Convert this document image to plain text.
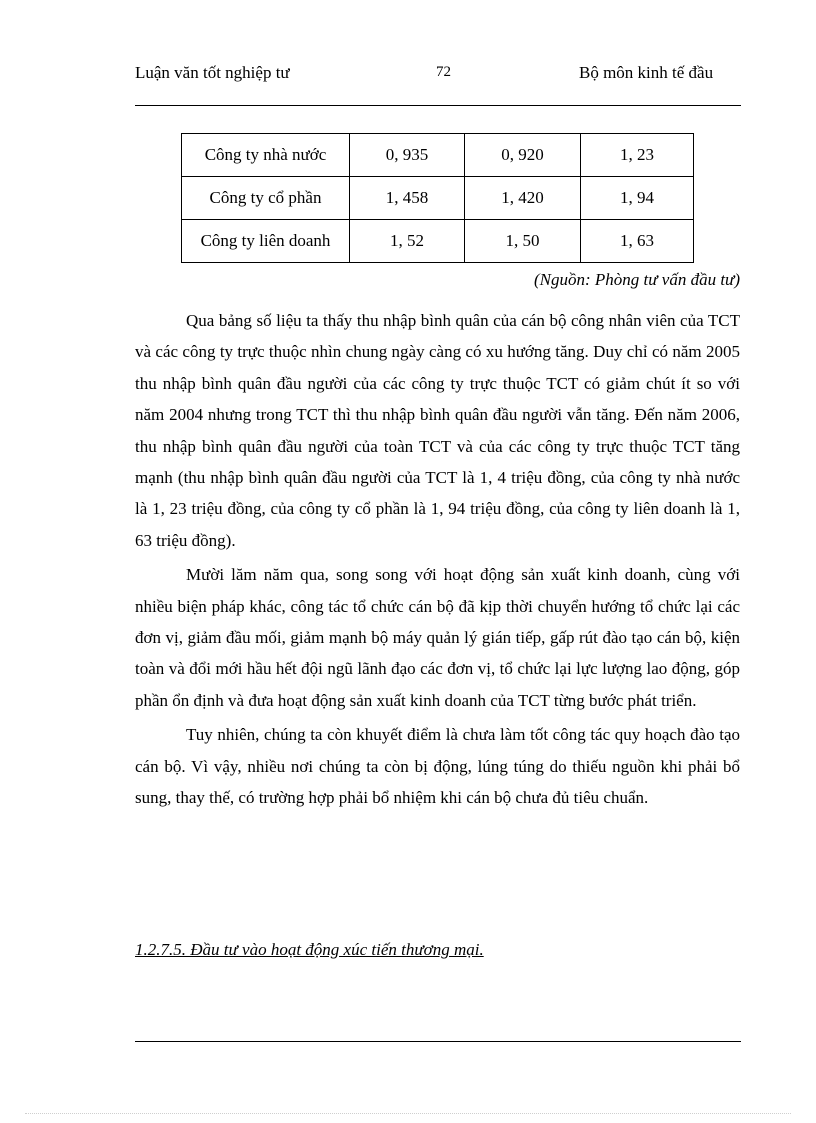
Luận văn tốt nghiệp tư	72	Bộ môn kinh tế đầu
Công ty nhà nước	0, 935	0, 920	1, 23
Công ty cổ phần	1, 458	1, 420	1, 94
Công ty liên doanh	1, 52	1, 50	1, 63
(Nguồn: Phòng tư vấn đầu tư)

Qua bảng số liệu ta thấy thu nhập bình quân của cán bộ công nhân viên của TCT và các công ty trực thuộc nhìn chung ngày càng có xu hướng tăng. Duy chỉ có năm 2005 thu nhập bình quân đầu người của các công ty trực thuộc TCT có giảm chút ít so với năm 2004 nhưng trong TCT thì thu nhập bình quân đầu người vẫn tăng. Đến năm 2006, thu nhập bình quân đầu người của toàn TCT và của các công ty trực thuộc TCT tăng mạnh (thu nhập bình quân đầu người của TCT là 1, 4 triệu đồng, của công ty nhà nước là 1, 23 triệu đồng, của công ty cổ phần là 1, 94 triệu đồng, của công ty liên doanh là 1, 63 triệu đồng).

Mười lăm năm qua, song song với hoạt động sản xuất kinh doanh, cùng với nhiều biện pháp khác, công tác tổ chức cán bộ đã kịp thời chuyển hướng tổ chức lại các đơn vị, giảm đầu mối, giảm mạnh bộ máy quản lý gián tiếp, gấp rút đào tạo cán bộ, kiện toàn và đổi mới hầu hết đội ngũ lãnh đạo các đơn vị, tổ chức lại lực lượng lao động, góp phần ổn định và đưa hoạt động sản xuất kinh doanh của TCT từng bước phát triển.

Tuy nhiên, chúng ta còn khuyết điểm là chưa làm tốt công tác quy hoạch đào tạo cán bộ. Vì vậy, nhiều nơi chúng ta còn bị động, lúng túng do thiếu nguồn khi phải bổ sung, thay thế, có trường hợp phải bổ nhiệm khi cán bộ chưa đủ tiêu chuẩn.

1.2.7.5. Đầu tư vào hoạt động xúc tiến thương mại.
